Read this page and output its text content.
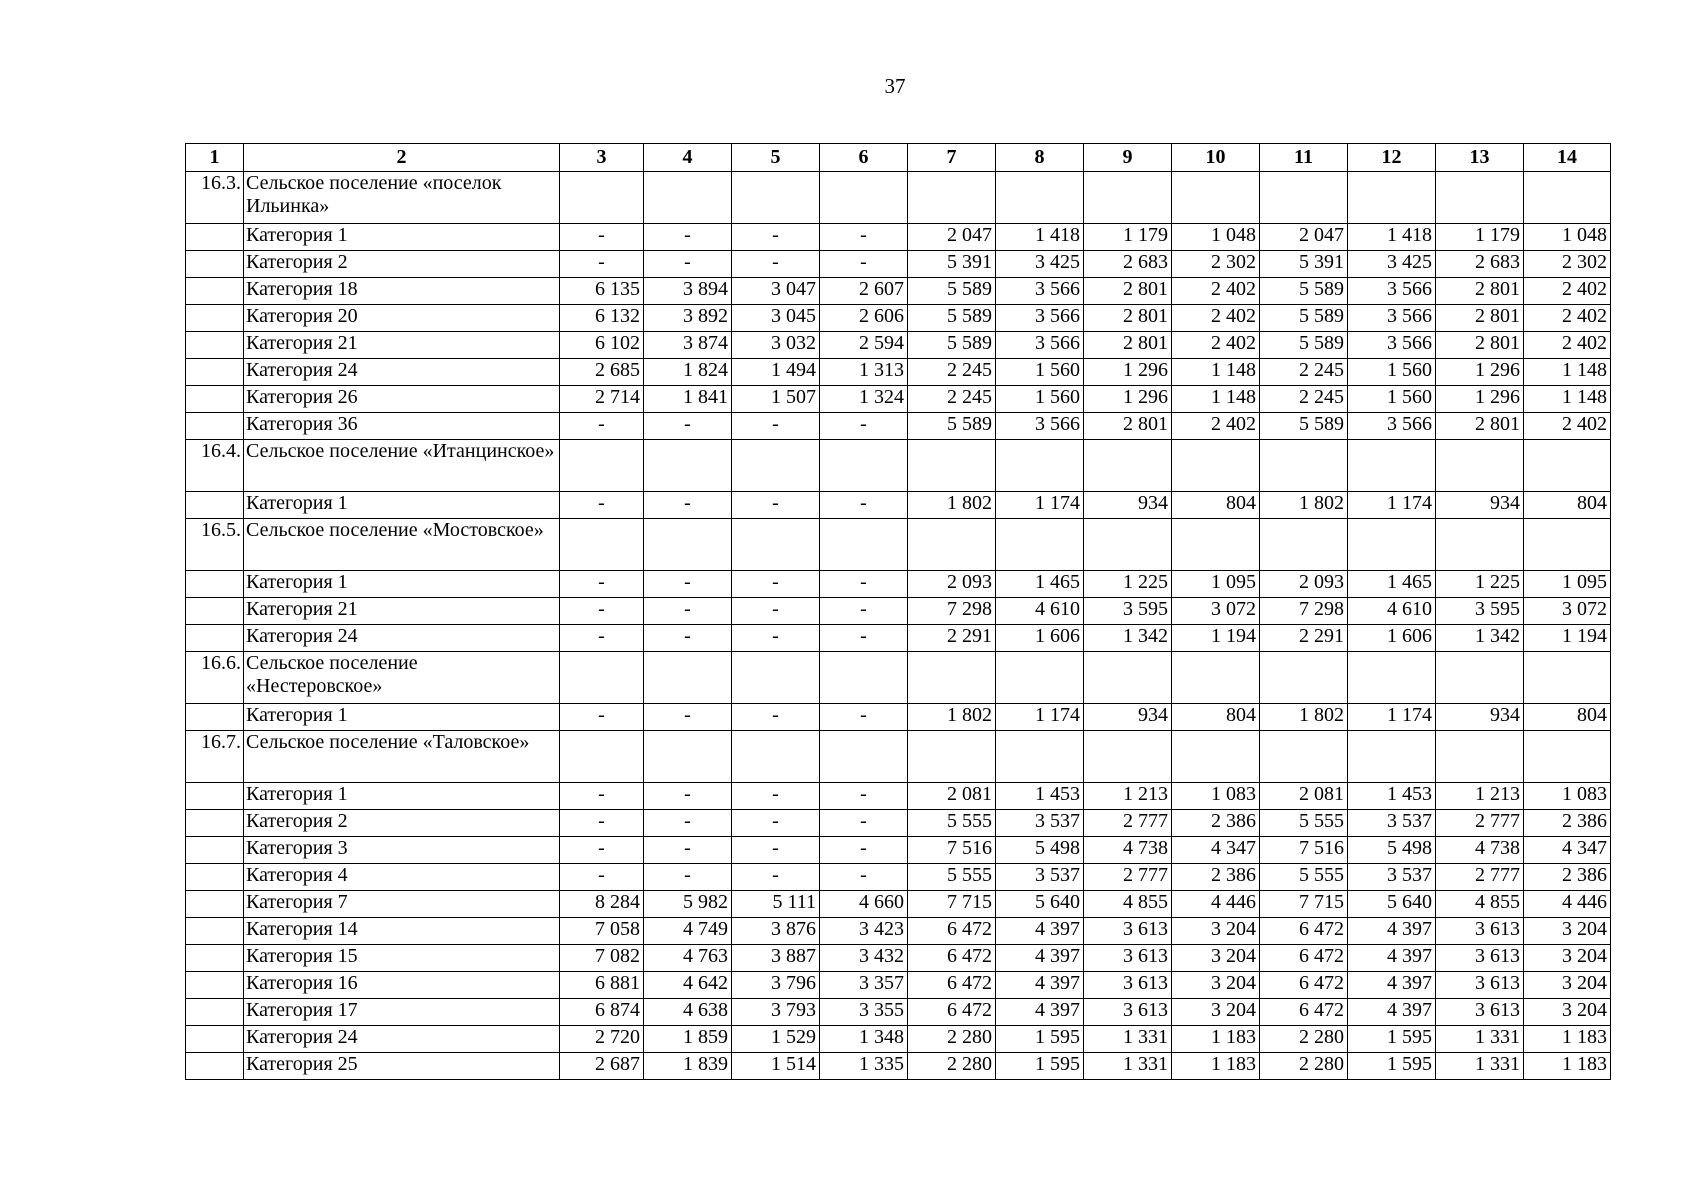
37
1	2	3	4	5	6	7	8	9	10	11	12	13	14
16.3.	Сельское поселение «поселок Ильинка»												
	Категория 1	-	-	-	-	2 047	1 418	1 179	1 048	2 047	1 418	1 179	1 048
	Категория 2	-	-	-	-	5 391	3 425	2 683	2 302	5 391	3 425	2 683	2 302
	Категория 18	6 135	3 894	3 047	2 607	5 589	3 566	2 801	2 402	5 589	3 566	2 801	2 402
	Категория 20	6 132	3 892	3 045	2 606	5 589	3 566	2 801	2 402	5 589	3 566	2 801	2 402
	Категория 21	6 102	3 874	3 032	2 594	5 589	3 566	2 801	2 402	5 589	3 566	2 801	2 402
	Категория 24	2 685	1 824	1 494	1 313	2 245	1 560	1 296	1 148	2 245	1 560	1 296	1 148
	Категория 26	2 714	1 841	1 507	1 324	2 245	1 560	1 296	1 148	2 245	1 560	1 296	1 148
	Категория 36	-	-	-	-	5 589	3 566	2 801	2 402	5 589	3 566	2 801	2 402
16.4.	Сельское поселение «Итанцинское»												
	Категория 1	-	-	-	-	1 802	1 174	934	804	1 802	1 174	934	804
16.5.	Сельское поселение «Мостовское»												
	Категория 1	-	-	-	-	2 093	1 465	1 225	1 095	2 093	1 465	1 225	1 095
	Категория 21	-	-	-	-	7 298	4 610	3 595	3 072	7 298	4 610	3 595	3 072
	Категория 24	-	-	-	-	2 291	1 606	1 342	1 194	2 291	1 606	1 342	1 194
16.6.	Сельское поселение «Нестеровское»												
	Категория 1	-	-	-	-	1 802	1 174	934	804	1 802	1 174	934	804
16.7.	Сельское поселение «Таловское»												
	Категория 1	-	-	-	-	2 081	1 453	1 213	1 083	2 081	1 453	1 213	1 083
	Категория 2	-	-	-	-	5 555	3 537	2 777	2 386	5 555	3 537	2 777	2 386
	Категория 3	-	-	-	-	7 516	5 498	4 738	4 347	7 516	5 498	4 738	4 347
	Категория 4	-	-	-	-	5 555	3 537	2 777	2 386	5 555	3 537	2 777	2 386
	Категория 7	8 284	5 982	5 111	4 660	7 715	5 640	4 855	4 446	7 715	5 640	4 855	4 446
	Категория 14	7 058	4 749	3 876	3 423	6 472	4 397	3 613	3 204	6 472	4 397	3 613	3 204
	Категория 15	7 082	4 763	3 887	3 432	6 472	4 397	3 613	3 204	6 472	4 397	3 613	3 204
	Категория 16	6 881	4 642	3 796	3 357	6 472	4 397	3 613	3 204	6 472	4 397	3 613	3 204
	Категория 17	6 874	4 638	3 793	3 355	6 472	4 397	3 613	3 204	6 472	4 397	3 613	3 204
	Категория 24	2 720	1 859	1 529	1 348	2 280	1 595	1 331	1 183	2 280	1 595	1 331	1 183
	Категория 25	2 687	1 839	1 514	1 335	2 280	1 595	1 331	1 183	2 280	1 595	1 331	1 183
